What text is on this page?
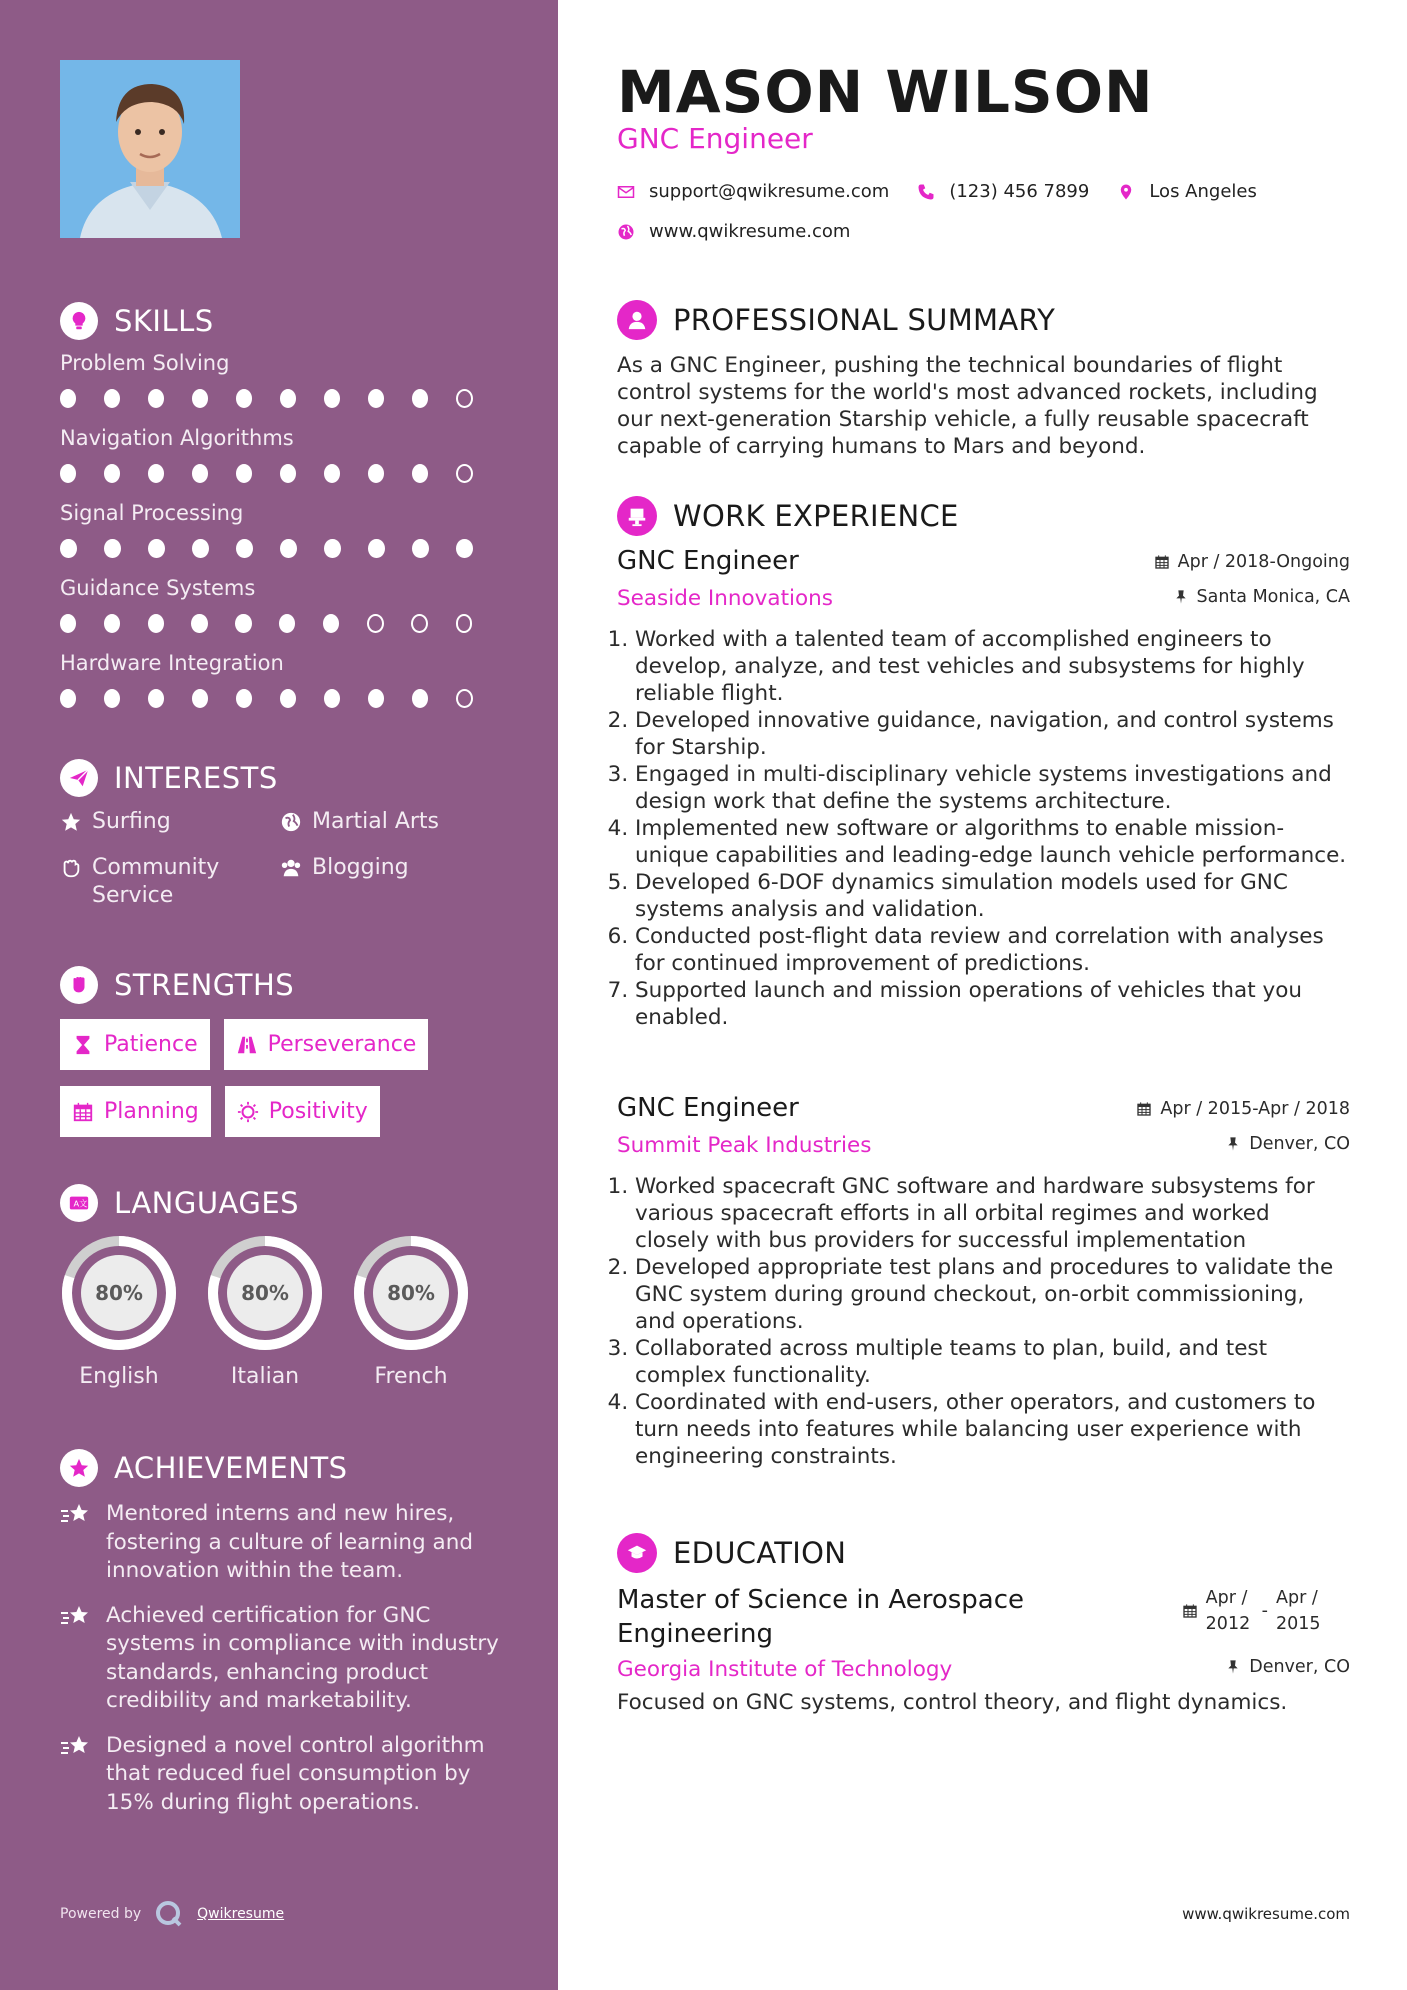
SKILLS
Problem Solving
Navigation Algorithms
Signal Processing
Guidance Systems
Hardware Integration
INTERESTS
Surfing	Martial Arts
Community Service
Blogging
STRENGTHS
Patience	Perseverance
Planning	Positivity
A文 LANGUAGES
80%
English
80%
Italian
80%
French
ACHIEVEMENTS
Mentored interns and new hires, fostering a culture of learning and innovation within the team.
Achieved certification for GNC systems in compliance with industry standards, enhancing product credibility and marketability.
Designed a novel control algorithm that reduced fuel consumption by 15% during flight operations.
Powered by	Qwikresume
MASON WILSON
GNC Engineer
support@qwikresume.com	(123) 456 7899	Los Angeles
www.qwikresume.com
PROFESSIONAL SUMMARY
As a GNC Engineer, pushing the technical boundaries of flight control systems for the world's most advanced rockets, including our next-generation Starship vehicle, a fully reusable spacecraft capable of carrying humans to Mars and beyond.
WORK EXPERIENCE
GNC Engineer
Seaside Innovations
Apr / 2018-Ongoing
Santa Monica, CA
1. Worked with a talented team of accomplished engineers to develop, analyze, and test vehicles and subsystems for highly reliable flight.
2. Developed innovative guidance, navigation, and control systems for Starship.
3. Engaged in multi-disciplinary vehicle systems investigations and design work that define the systems architecture.
4. Implemented new software or algorithms to enable mission-unique capabilities and leading-edge launch vehicle performance.
5. Developed 6-DOF dynamics simulation models used for GNC systems analysis and validation.
6. Conducted post-flight data review and correlation with analyses for continued improvement of predictions.
7. Supported launch and mission operations of vehicles that you enabled.
GNC Engineer
Summit Peak Industries
Apr / 2015-Apr / 2018
Denver, CO
1. Worked spacecraft GNC software and hardware subsystems for various spacecraft efforts in all orbital regimes and worked closely with bus providers for successful implementation
2. Developed appropriate test plans and procedures to validate the GNC system during ground checkout, on-orbit commissioning, and operations.
3. Collaborated across multiple teams to plan, build, and test complex functionality.
4. Coordinated with end-users, other operators, and customers to turn needs into features while balancing user experience with engineering constraints.
EDUCATION
Master of Science in Aerospace Engineering
Georgia Institute of Technology
Focused on GNC systems, control theory, and flight dynamics.
Apr / 2012
-
Apr / 2015
Denver, CO
www.qwikresume.com
